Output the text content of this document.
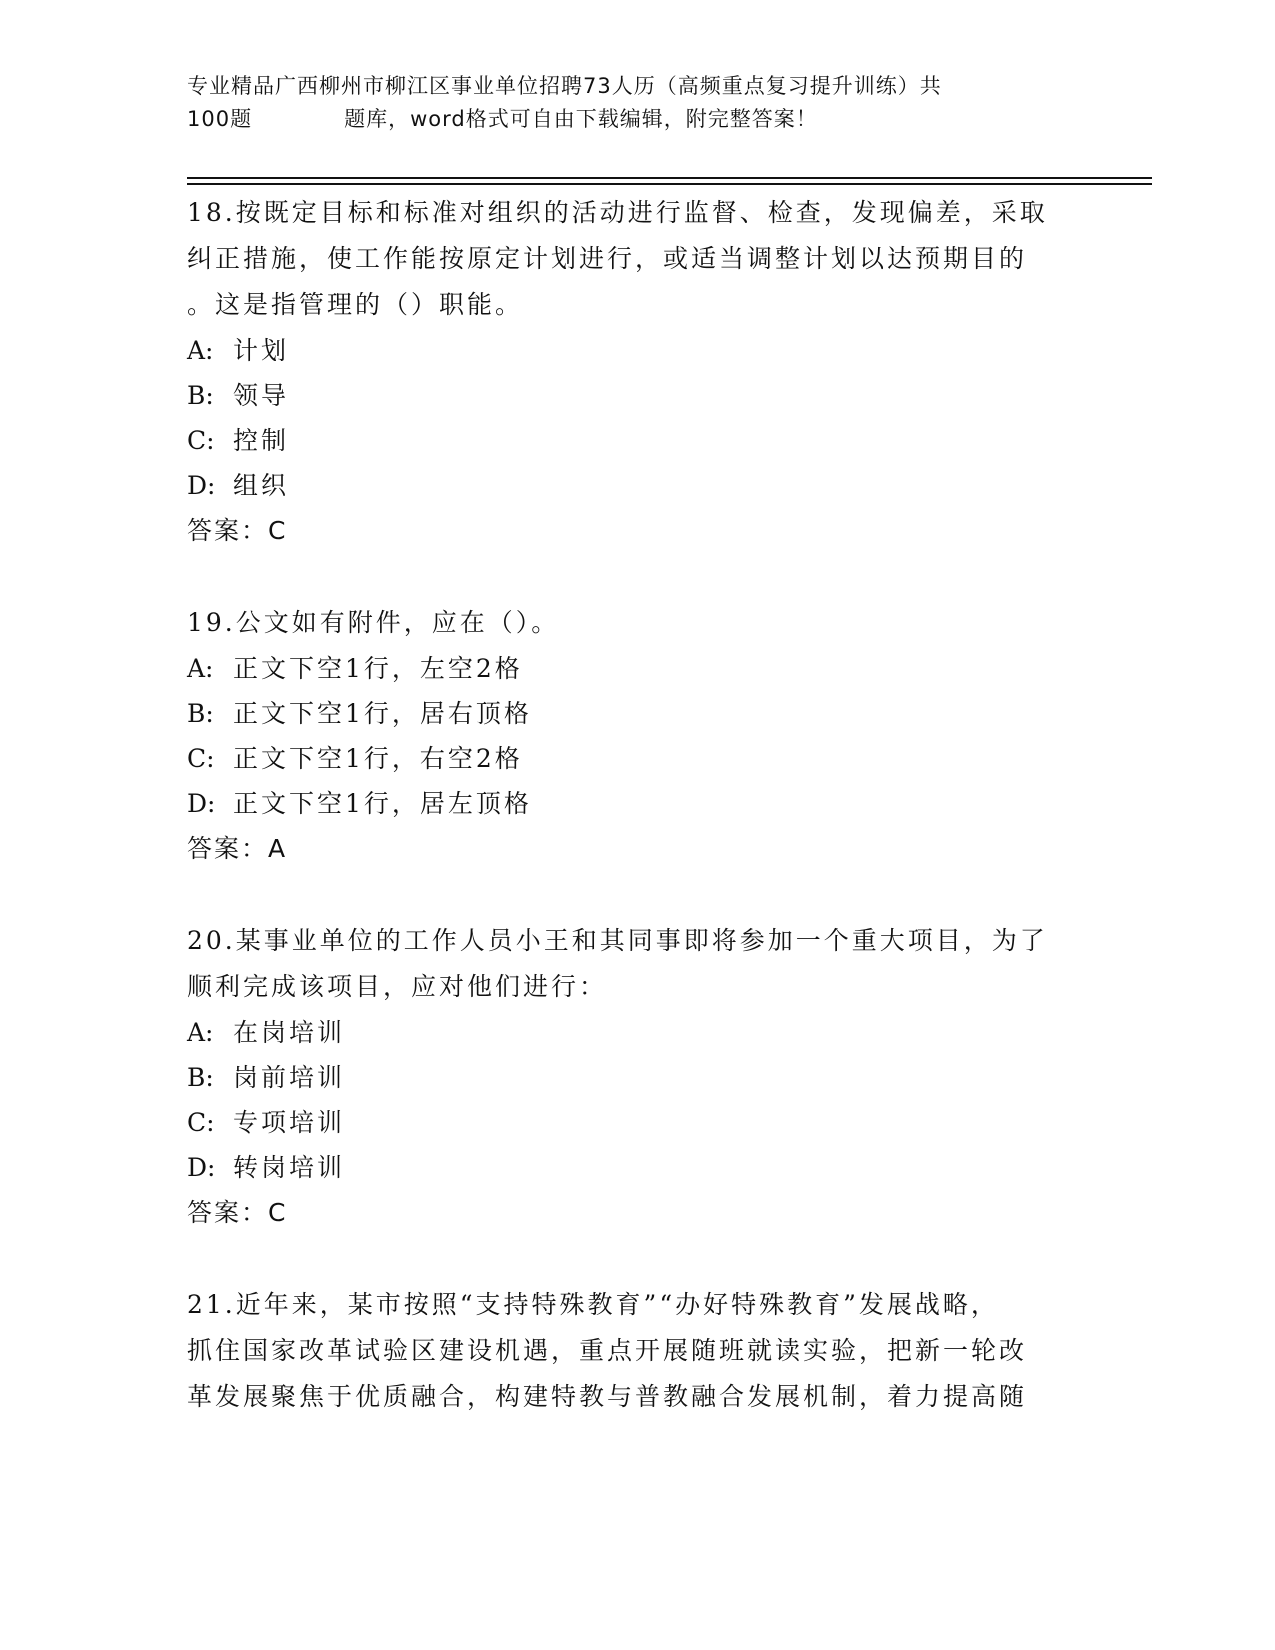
专业精品广西柳州市柳江区事业单位招聘73人历（高频重点复习提升训练）共
100题	题库，word格式可自由下载编辑，附完整答案！

18.按既定目标和标准对组织的活动进行监督、检查，发现偏差，采取

纠正措施，使工作能按原定计划进行，或适当调整计划以达预期目的

。这是指管理的（）职能。

A: 计划

B: 领导

C: 控制

D: 组织

答案：C

19.公文如有附件，应在（）。

A: 正文下空1行，左空2格

B: 正文下空1行，居右顶格

C: 正文下空1行，右空2格

D: 正文下空1行，居左顶格

答案：A

20.某事业单位的工作人员小王和其同事即将参加一个重大项目，为了

顺利完成该项目，应对他们进行：

A: 在岗培训

B: 岗前培训

C: 专项培训

D: 转岗培训

答案：C

21.近年来，某市按照“支持特殊教育”“办好特殊教育”发展战略，

抓住国家改革试验区建设机遇，重点开展随班就读实验，把新一轮改

革发展聚焦于优质融合，构建特教与普教融合发展机制，着力提高随
